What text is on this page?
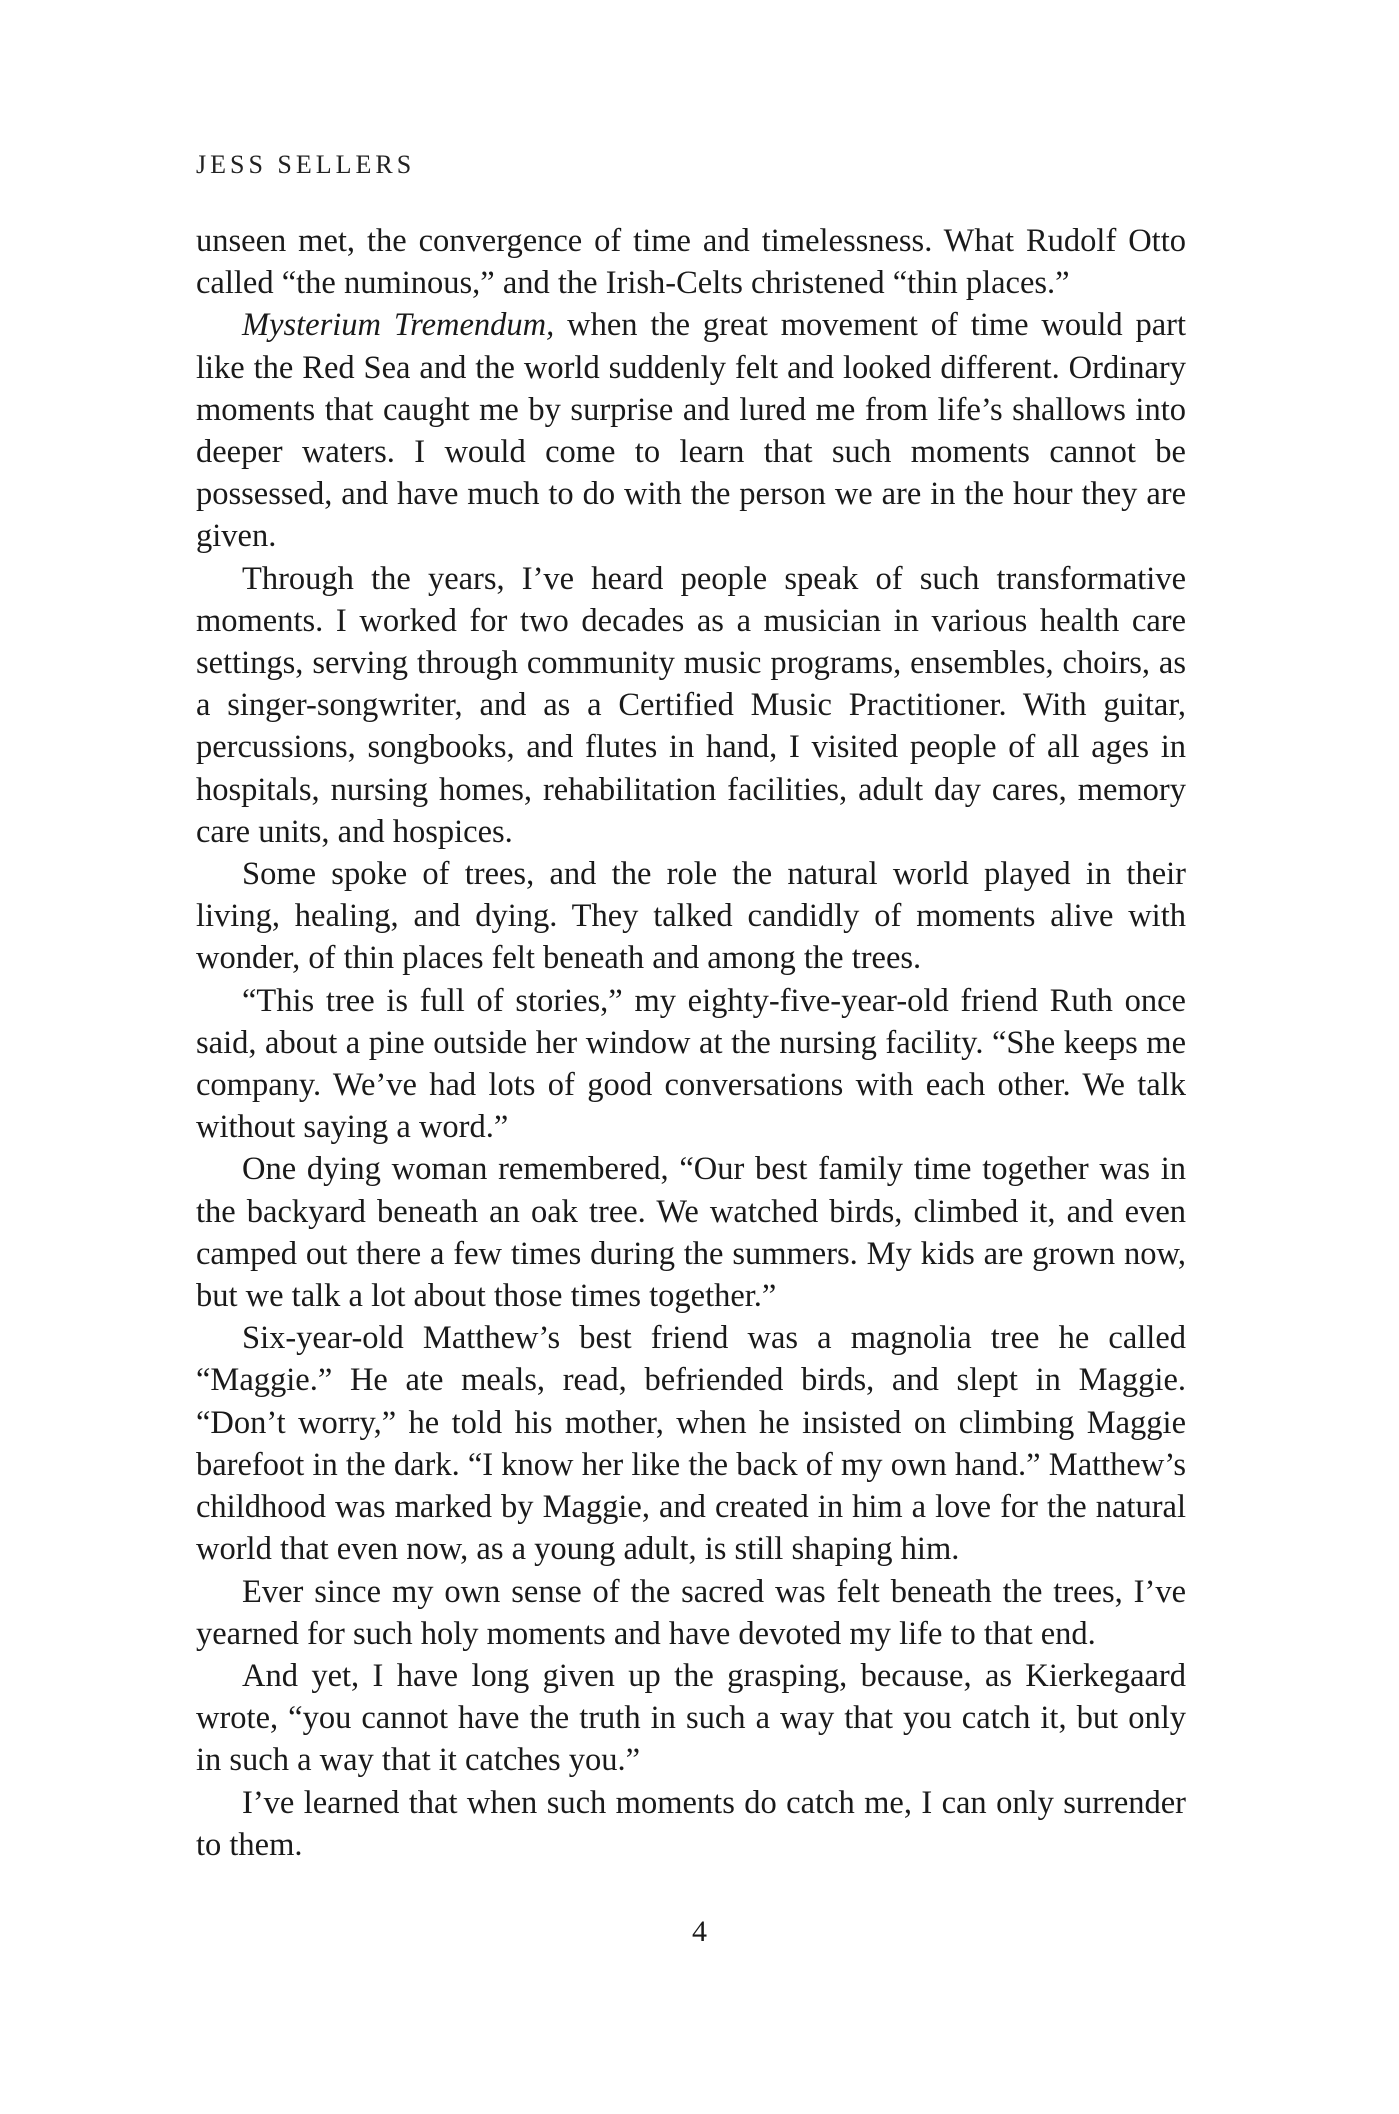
JESS SELLERS

unseen met, the convergence of time and timelessness. What Rudolf Otto called “the numinous,” and the Irish-Celts christened “thin places.”

Mysterium Tremendum, when the great movement of time would part like the Red Sea and the world suddenly felt and looked different. Ordinary moments that caught me by surprise and lured me from life’s shallows into deeper waters. I would come to learn that such moments cannot be possessed, and have much to do with the person we are in the hour they are given.

Through the years, I’ve heard people speak of such transformative moments. I worked for two decades as a musician in various health care settings, serving through community music programs, ensembles, choirs, as a singer-songwriter, and as a Certified Music Practitioner. With guitar, percussions, songbooks, and flutes in hand, I visited people of all ages in hospitals, nursing homes, rehabilitation facilities, adult day cares, memory care units, and hospices.

Some spoke of trees, and the role the natural world played in their living, healing, and dying. They talked candidly of moments alive with wonder, of thin places felt beneath and among the trees.

“This tree is full of stories,” my eighty-five-year-old friend Ruth once said, about a pine outside her window at the nursing facility. “She keeps me company. We’ve had lots of good conversations with each other. We talk without saying a word.”

One dying woman remembered, “Our best family time together was in the backyard beneath an oak tree. We watched birds, climbed it, and even camped out there a few times during the summers. My kids are grown now, but we talk a lot about those times together.”

Six-year-old Matthew’s best friend was a magnolia tree he called “Maggie.” He ate meals, read, befriended birds, and slept in Maggie. “Don’t worry,” he told his mother, when he insisted on climbing Maggie barefoot in the dark. “I know her like the back of my own hand.” Matthew’s childhood was marked by Maggie, and created in him a love for the natural world that even now, as a young adult, is still shaping him.

Ever since my own sense of the sacred was felt beneath the trees, I’ve yearned for such holy moments and have devoted my life to that end.

And yet, I have long given up the grasping, because, as Kierkegaard wrote, “you cannot have the truth in such a way that you catch it, but only in such a way that it catches you.”

I’ve learned that when such moments do catch me, I can only surrender to them.

4
